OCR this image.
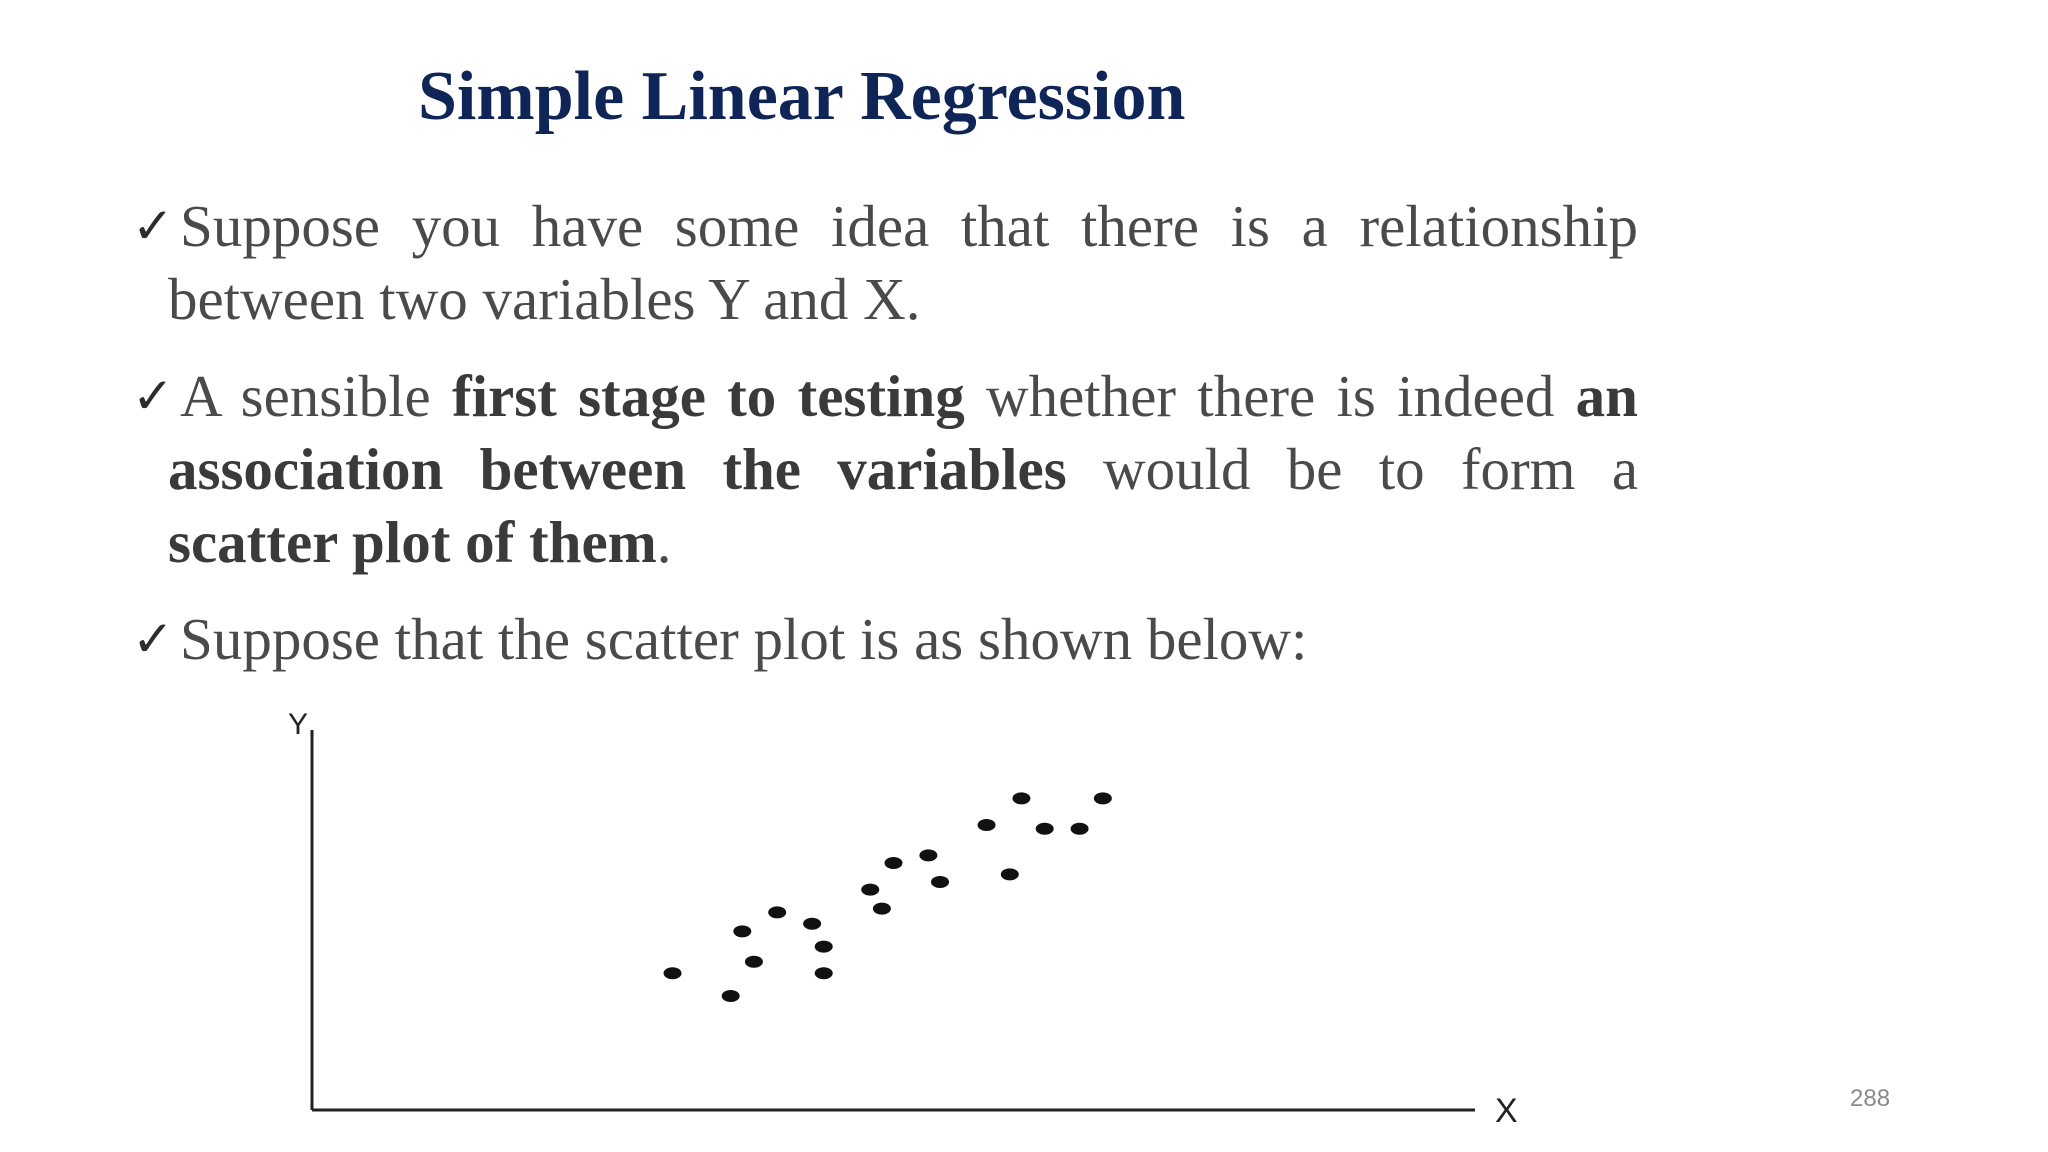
Simple Linear Regression
✓ Suppose you have some idea that there is a relationship between two variables Y and X.
✓ A sensible first stage to testing whether there is indeed an association between the variables would be to form a scatter plot of them.
✓ Suppose that the scatter plot is as shown below:
Y
X	288
